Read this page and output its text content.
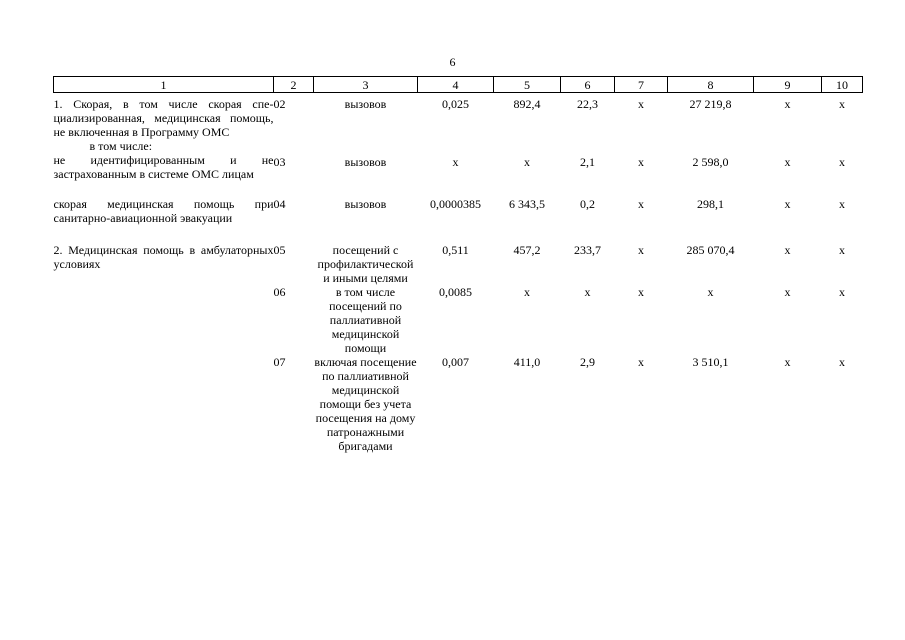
6
1	2	3	4	5	6	7	8	9	10
1. Скорая, в том числе скорая специализированная, медицинская помощь, не включенная в Программу ОМС
в том числе:	02	вызовов	0,025	892,4	22,3	х	27 219,8	х	х
не идентифицированным и не застрахованным в системе ОМС лицам	03	вызовов	х	х	2,1	х	2 598,0	х	х
скорая медицинская помощь при санитарно-авиационной эвакуации	04	вызовов	0,0000385	6 343,5	0,2	х	298,1	х	х
2. Медицинская помощь в амбулаторных условиях	05	посещений с профилактической и иными целями	0,511	457,2	233,7	х	285 070,4	х	х
	06	в том числе посещений по паллиативной медицинской помощи	0,0085	х	х	х	х	х	х
	07	включая посещение по паллиативной медицинской помощи без учета посещения на дому патронажными бригадами	0,007	411,0	2,9	х	3 510,1	х	х
